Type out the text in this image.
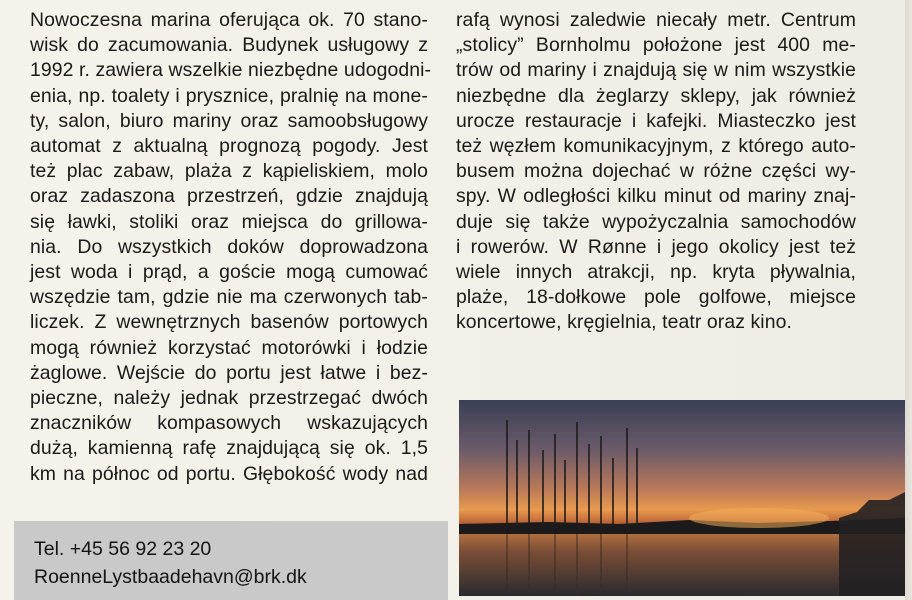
Nowoczesna marina oferująca ok. 70 stano-
wisk do zacumowania. Budynek usługowy z
1992 r. zawiera wszelkie niezbędne udogodni-
enia, np. toalety i prysznice, pralnię na mone-
ty, salon, biuro mariny oraz samoobsługowy
automat z aktualną prognozą pogody. Jest
też plac zabaw, plaża z kąpieliskiem, molo
oraz zadaszona przestrzeń, gdzie znajdują
się ławki, stoliki oraz miejsca do grillowa-
nia. Do wszystkich doków doprowadzona
jest woda i prąd, a goście mogą cumować
wszędzie tam, gdzie nie ma czerwonych tab-
liczek. Z wewnętrznych basenów portowych
mogą również korzystać motorówki i łodzie
żaglowe. Wejście do portu jest łatwe i bez-
pieczne, należy jednak przestrzegać dwóch
znaczników kompasowych wskazujących
dużą, kamienną rafę znajdującą się ok. 1,5
km na północ od portu. Głębokość wody nad
rafą wynosi zaledwie niecały metr. Centrum
„stolicy” Bornholmu położone jest 400 me-
trów od mariny i znajdują się w nim wszystkie
niezbędne dla żeglarzy sklepy, jak również
urocze restauracje i kafejki. Miasteczko jest
też węzłem komunikacyjnym, z którego auto-
busem można dojechać w różne części wy-
spy. W odległości kilku minut od mariny znaj-
duje się także wypożyczalnia samochodów
i rowerów. W Rønne i jego okolicy jest też
wiele innych atrakcji, np. kryta pływalnia,
plaże, 18-dołkowe pole golfowe, miejsce
koncertowe, kręgielnia, teatr oraz kino.
Tel. +45 56 92 23 20
RoenneLystbaadehavn@brk.dk
